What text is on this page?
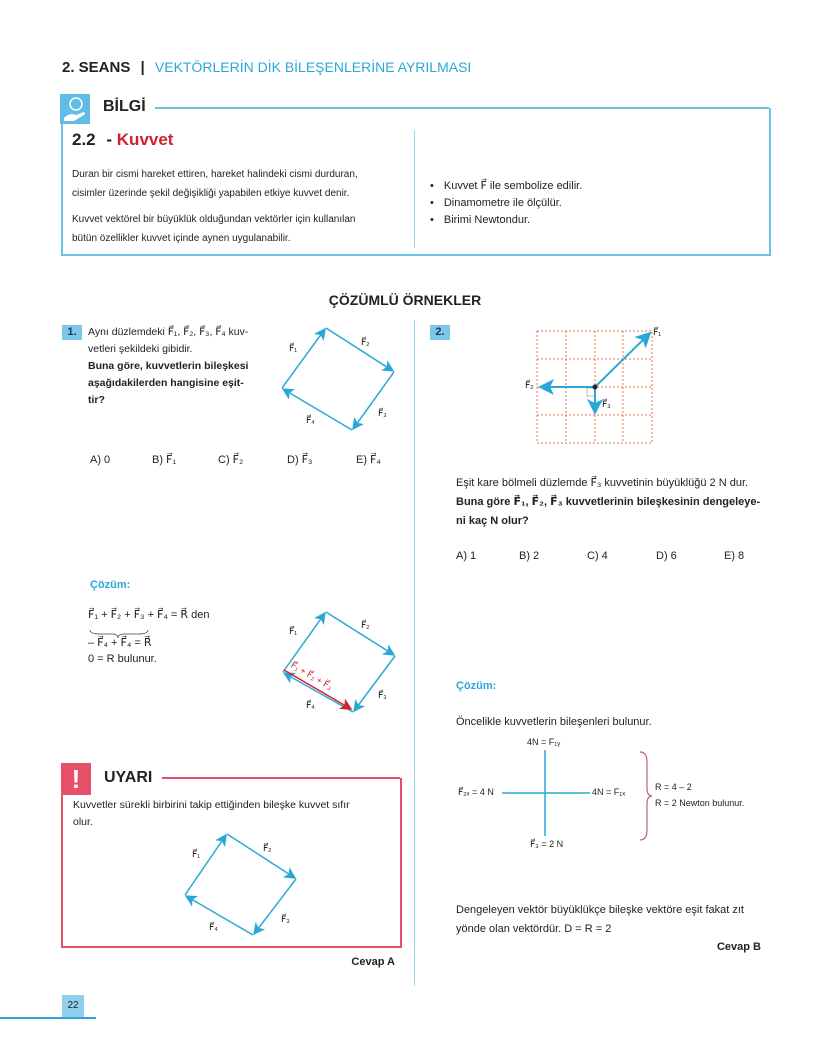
2. SEANS | VEKTÖRLERİN DİK BİLEŞENLERİNE AYRILMASI
BİLGİ
2.2 - Kuvvet
Duran bir cismi hareket ettiren, hareket halindeki cismi durduran,
cisimler üzerinde şekil değişikliği yapabilen etkiye kuvvet denir.
Kuvvet vektörel bir büyüklük olduğundan vektörler için kullanılan
bütün özellikler kuvvet içinde aynen uygulanabilir.
• Kuvvet F⃗ ile sembolize edilir.
• Dinamometre ile ölçülür.
• Birimi Newtondur.
ÇÖZÜMLÜ ÖRNEKLER
1.	Aynı düzlemdeki F⃗₁, F⃗₂, F⃗₃, F⃗₄ kuv-
vetleri şekildeki gibidir.
Buna göre, kuvvetlerin bileşkesi
aşağıdakilerden hangisine eşit-
tir?
F⃗₁
F⃗₂
F⃗₃
F⃗₄
A) 0	B) F⃗₁	C) F⃗₂	D) F⃗₃	E) F⃗₄
Çözüm:
F⃗₁ + F⃗₂ + F⃗₃ + F⃗₄ = R⃗ den
– F⃗₄ + F⃗₄ = R⃗
0 = R bulunur.
F⃗₁
F⃗₂
F⃗₃
F⃗₄
F⃗₁ + F⃗₂ + F⃗₃
!	UYARI
Kuvvetler sürekli birbirini takip ettiğinden bileşke kuvvet sıfır
olur.
F⃗₁
F⃗₂
F⃗₃
F⃗₄
Cevap A
2.	F⃗₁
F⃗₂
F⃗₃
Eşit kare bölmeli düzlemde F⃗₃ kuvvetinin büyüklüğü 2 N dur.
Buna göre F⃗₁, F⃗₂, F⃗₃ kuvvetlerinin bileşkesinin dengeleye-
ni kaç N olur?
A) 1	B) 2	C) 4	D) 6	E) 8
Çözüm:
Öncelikle kuvvetlerin bileşenleri bulunur.
4N = F₁ᵧ
F⃗₂ₓ = 4 N	4N = F₁ₓ
F⃗₃ = 2 N
R = 4 – 2
R = 2 Newton bulunur.
Dengeleyen vektör büyüklükçe bileşke vektöre eşit fakat zıt
yönde olan vektördür. D = R = 2
Cevap B
22
